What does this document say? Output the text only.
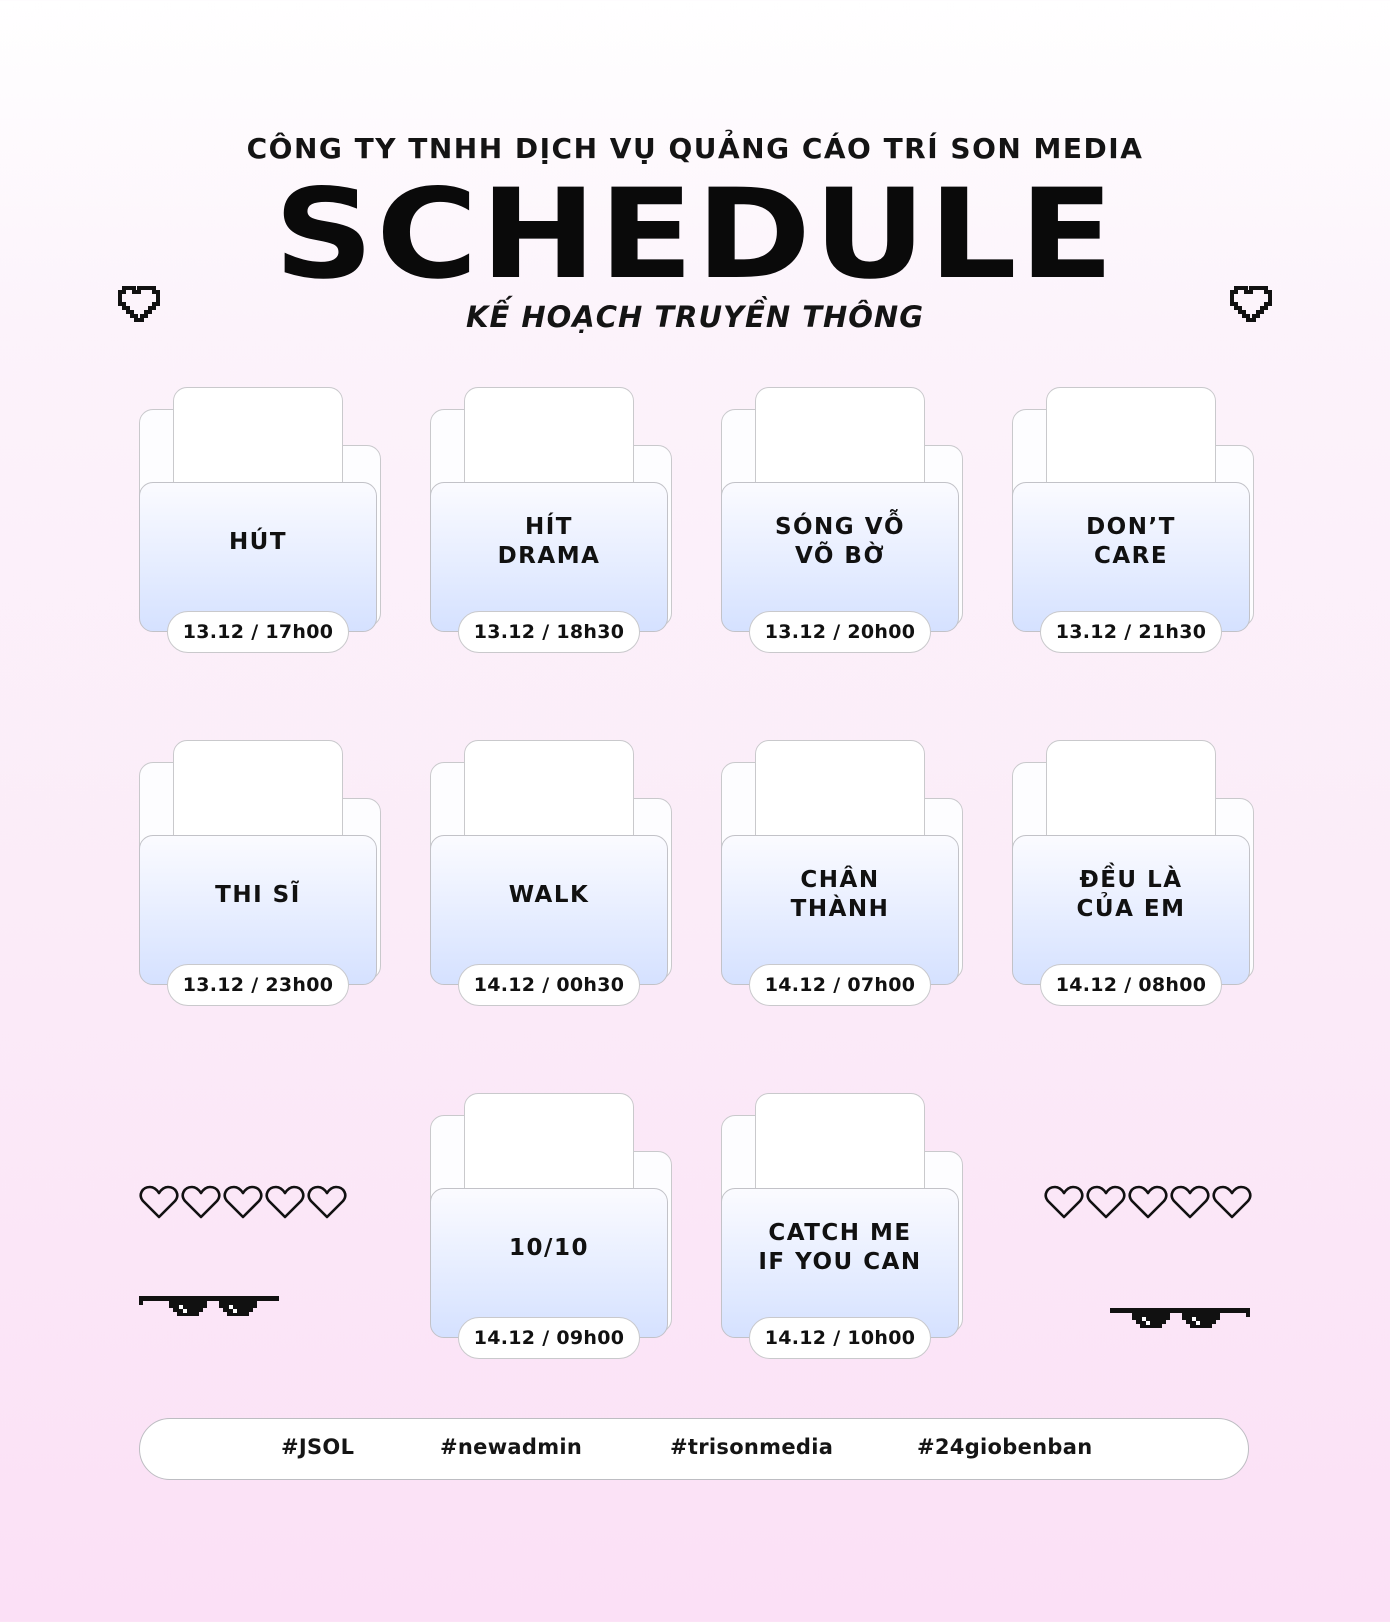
CÔNG TY TNHH DỊCH VỤ QUẢNG CÁO TRÍ SON MEDIA
SCHEDULE
KẾ HOẠCH TRUYỀN THÔNG
HÚT
13.12 / 17h00
HÍT
DRAMA
13.12 / 18h30
SÓNG VỖ
VÕ BỜ
13.12 / 20h00
DON’T
CARE
13.12 / 21h30
THI SĨ
13.12 / 23h00
WALK
14.12 / 00h30
CHÂN
THÀNH
14.12 / 07h00
ĐỀU LÀ
CỦA EM
14.12 / 08h00
10/10
14.12 / 09h00
CATCH ME
IF YOU CAN
14.12 / 10h00
#JSOL	#newadmin	#trisonmedia	#24giobenban
